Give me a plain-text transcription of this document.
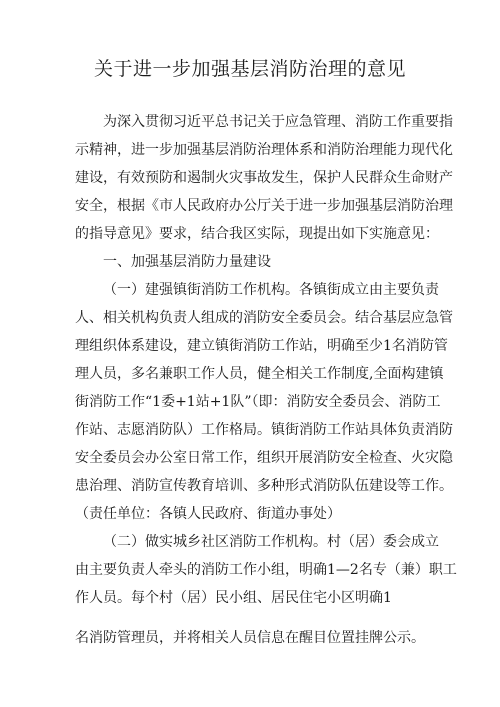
关于进一步加强基层消防治理的意见
为深入贯彻习近平总书记关于应急管理、消防工作重要指
示精神，进一步加强基层消防治理体系和消防治理能力现代化
建设，有效预防和遏制火灾事故发生，保护人民群众生命财产
安全，根据《市人民政府办公厅关于进一步加强基层消防治理
的指导意见》要求，结合我区实际，现提出如下实施意见：
一、加强基层消防力量建设
（一）建强镇街消防工作机构。各镇街成立由主要负责
人、相关机构负责人组成的消防安全委员会。结合基层应急管
理组织体系建设，建立镇街消防工作站，明确至少1名消防管
理人员，多名兼职工作人员，健全相关工作制度,全面构建镇
街消防工作“1委+1站+1队”（即：消防安全委员会、消防工
作站、志愿消防队）工作格局。镇街消防工作站具体负责消防
安全委员会办公室日常工作，组织开展消防安全检查、火灾隐
患治理、消防宣传教育培训、多种形式消防队伍建设等工作。
（责任单位：各镇人民政府、街道办事处）
（二）做实城乡社区消防工作机构。村（居）委会成立
由主要负责人牵头的消防工作小组，明确1—2名专（兼）职工
作人员。每个村（居）民小组、居民住宅小区明确1
名消防管理员，并将相关人员信息在醒目位置挂牌公示。
